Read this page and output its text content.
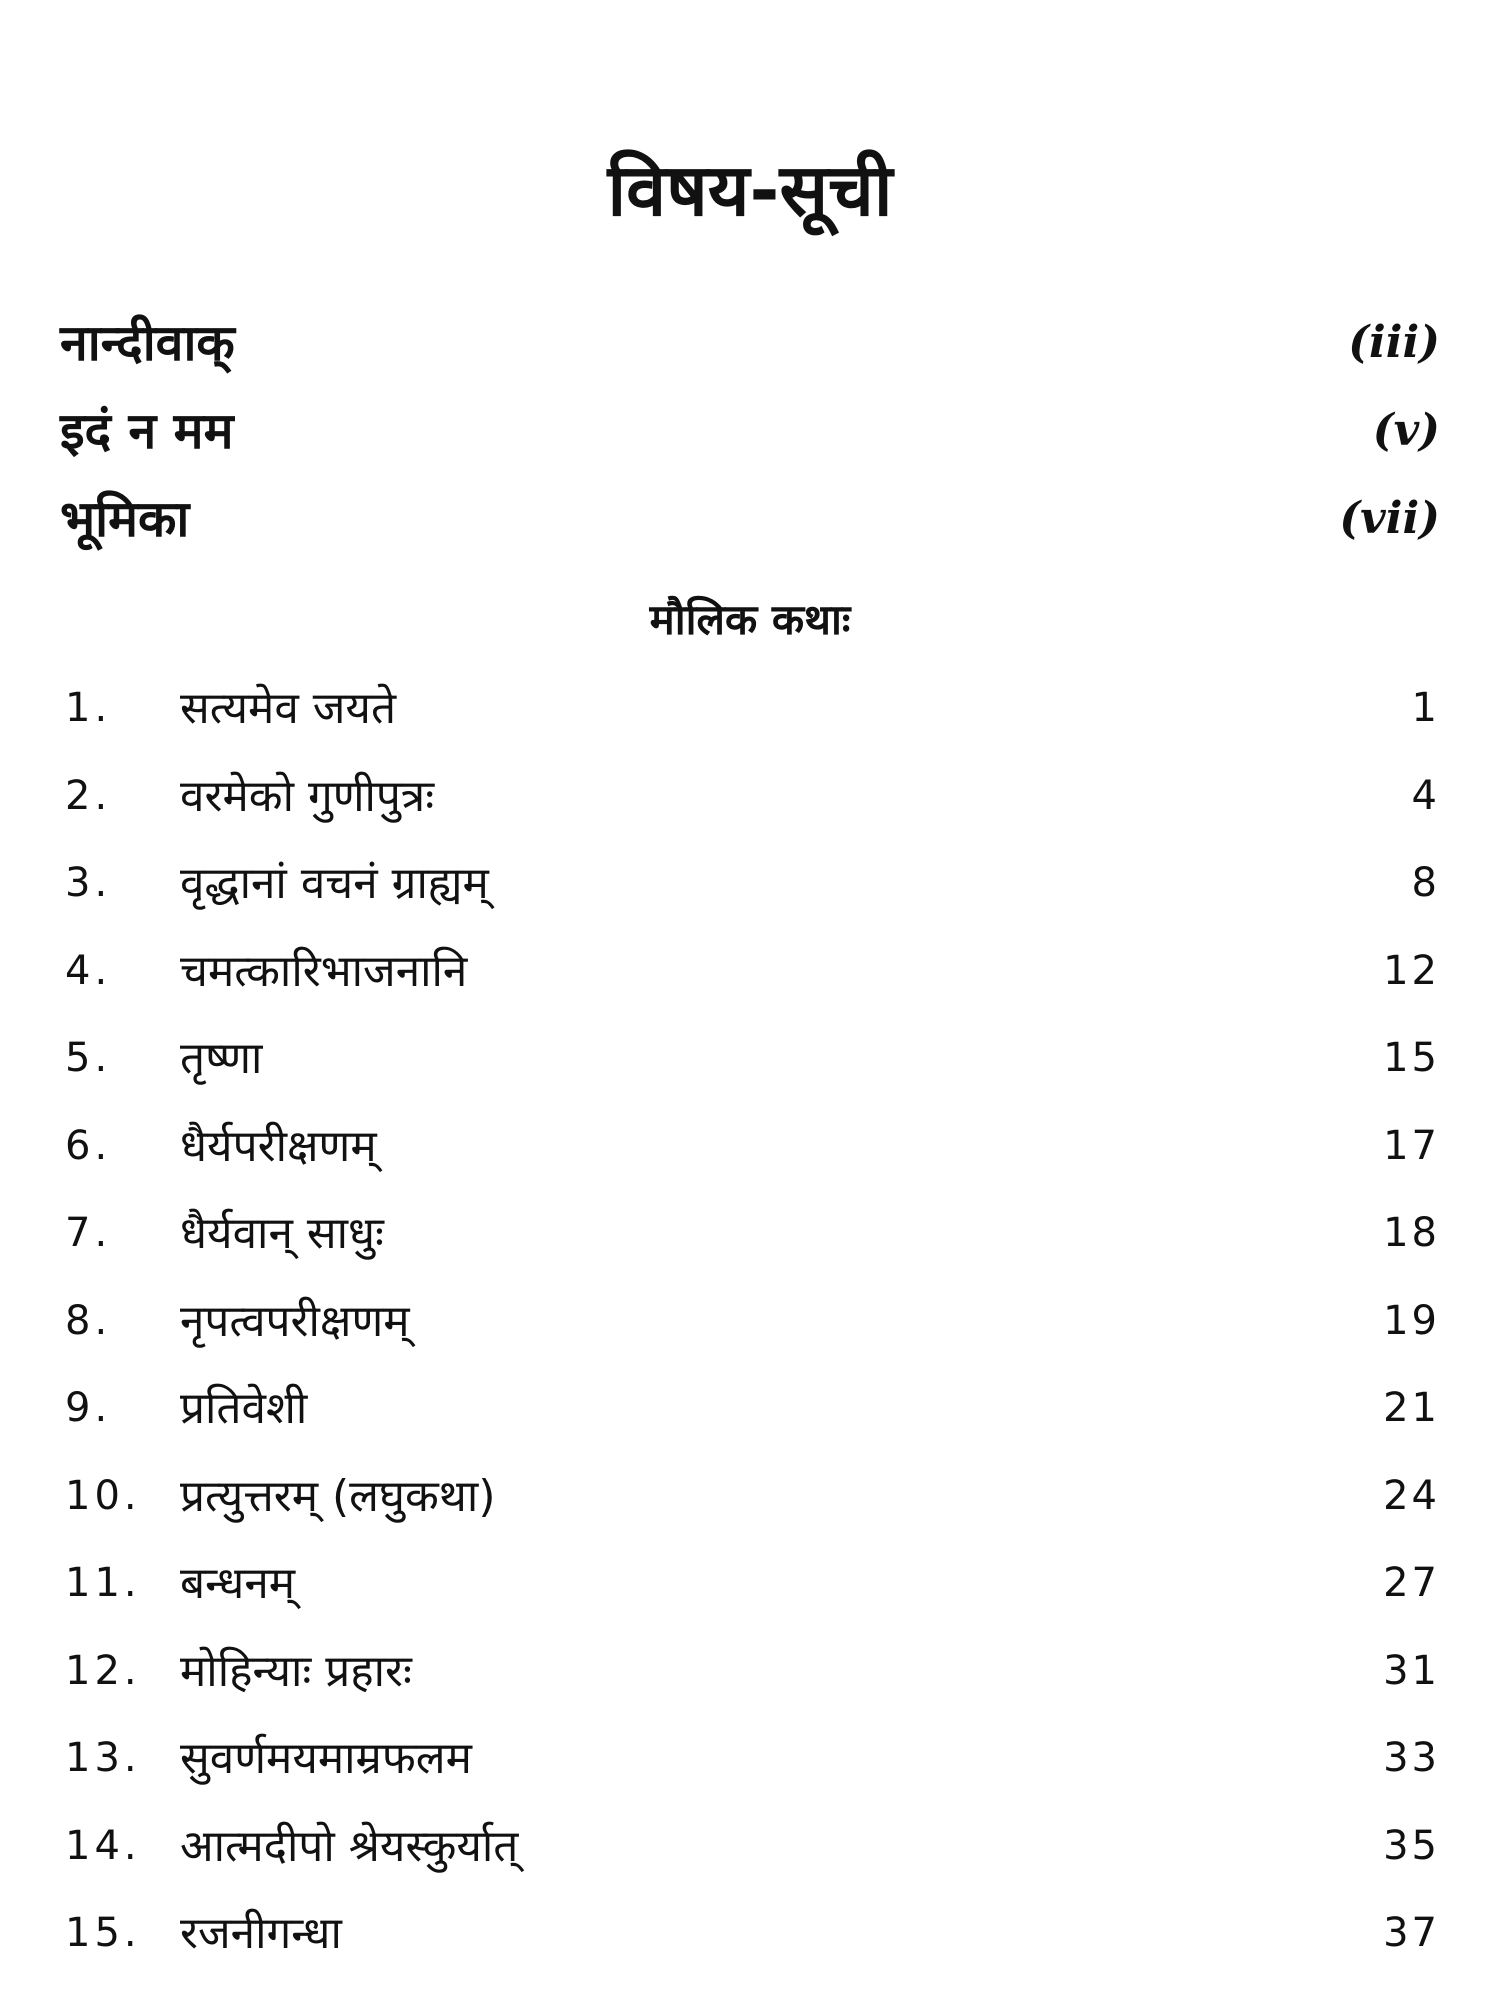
विषय-सूची
नान्दीवाक्	(iii)
इदं न मम	(v)
भूमिका	(vii)
मौलिक कथाः
1.	सत्यमेव जयते	1
2.	वरमेको गुणीपुत्रः	4
3.	वृद्धानां वचनं ग्राह्यम्	8
4.	चमत्कारिभाजनानि	12
5.	तृष्णा	15
6.	धैर्यपरीक्षणम्	17
7.	धैर्यवान् साधुः	18
8.	नृपत्वपरीक्षणम्	19
9.	प्रतिवेशी	21
10. प्रत्युत्तरम् (लघुकथा)	24
11. बन्धनम्	27
12. मोहिन्याः प्रहारः	31
13. सुवर्णमयमाम्रफलम	33
14. आत्मदीपो श्रेयस्कुर्यात्	35
15. रजनीगन्धा	37
